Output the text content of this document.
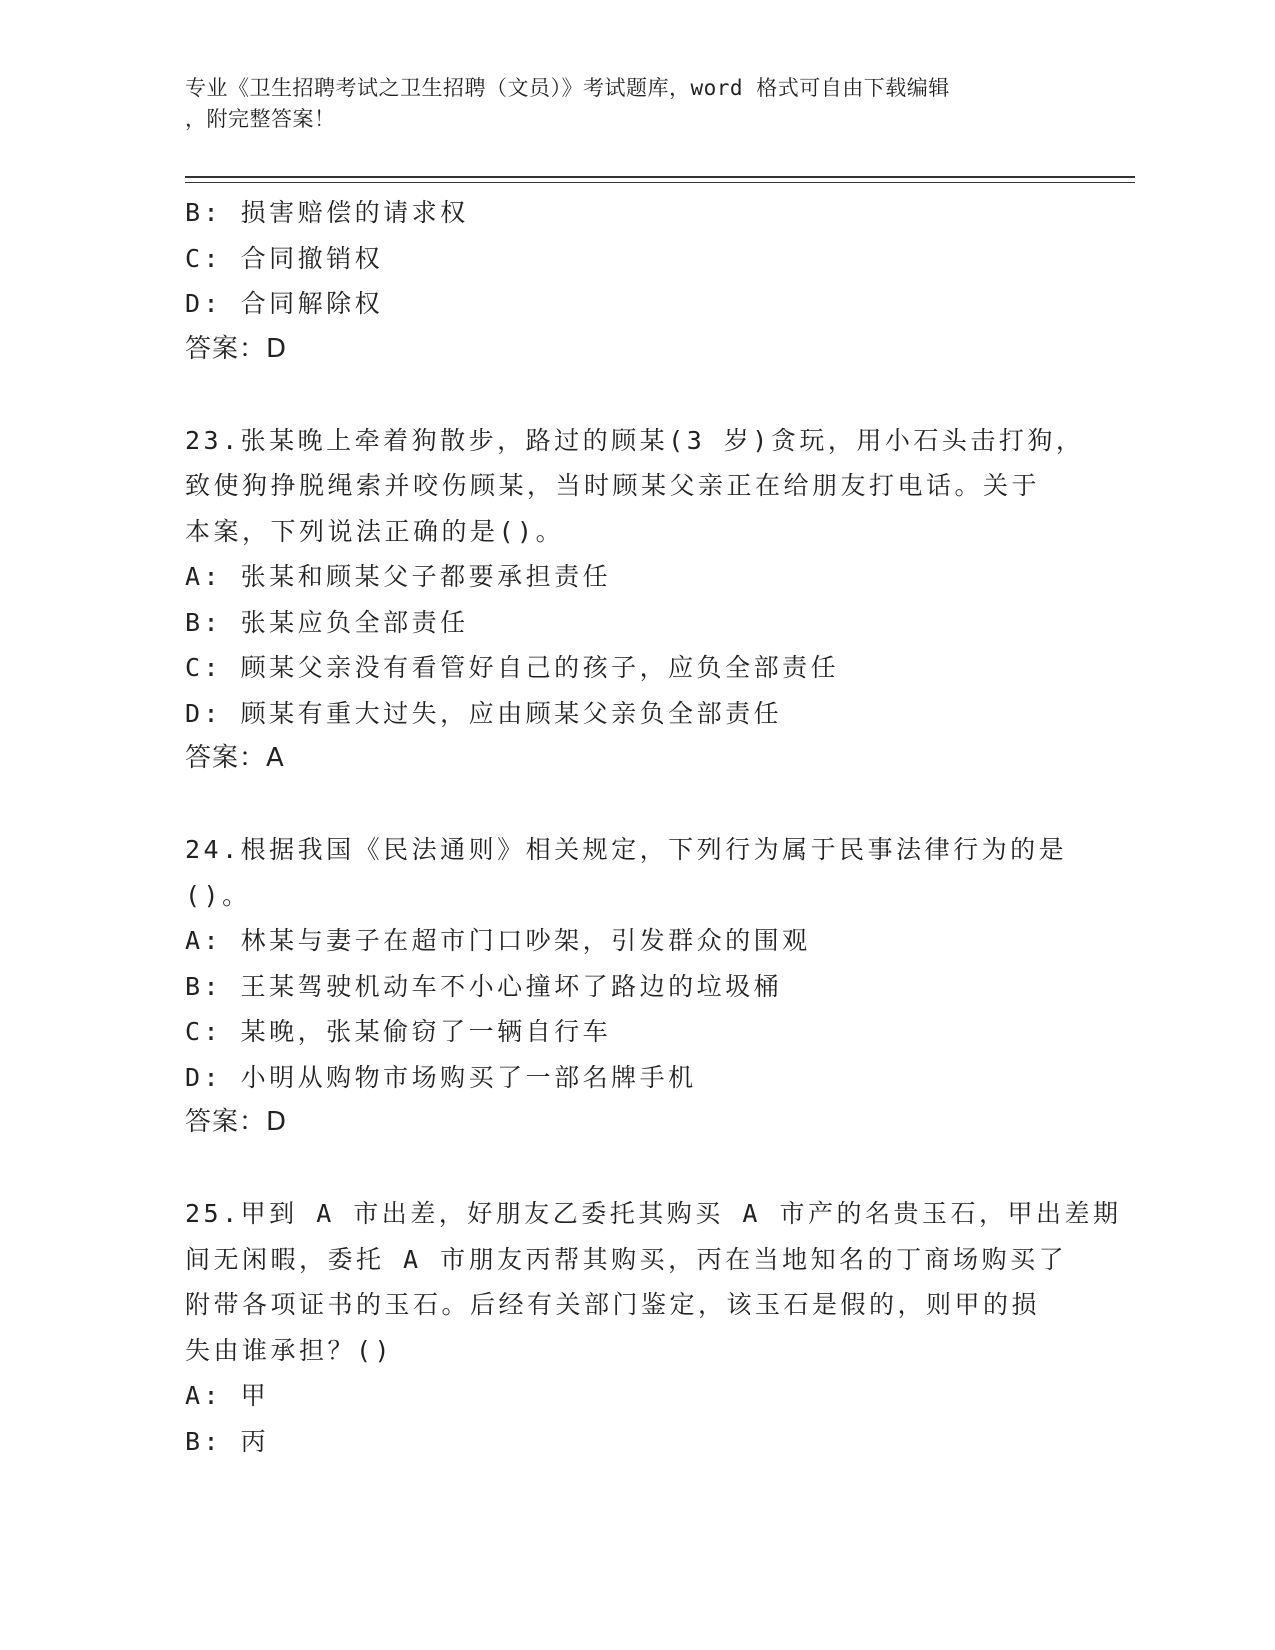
专业《卫生招聘考试之卫生招聘（文员）》考试题库，word 格式可自由下载编辑
，附完整答案！
B: 损害赔偿的请求权
C: 合同撤销权
D: 合同解除权
答案：D
23.张某晚上牵着狗散步，路过的顾某(3 岁)贪玩，用小石头击打狗，
致使狗挣脱绳索并咬伤顾某，当时顾某父亲正在给朋友打电话。关于
本案，下列说法正确的是()。
A: 张某和顾某父子都要承担责任
B: 张某应负全部责任
C: 顾某父亲没有看管好自己的孩子，应负全部责任
D: 顾某有重大过失，应由顾某父亲负全部责任
答案：A
24.根据我国《民法通则》相关规定，下列行为属于民事法律行为的是
()。
A: 林某与妻子在超市门口吵架，引发群众的围观
B: 王某驾驶机动车不小心撞坏了路边的垃圾桶
C: 某晚，张某偷窃了一辆自行车
D: 小明从购物市场购买了一部名牌手机
答案：D
25.甲到 A 市出差，好朋友乙委托其购买 A 市产的名贵玉石，甲出差期
间无闲暇，委托 A 市朋友丙帮其购买，丙在当地知名的丁商场购买了
附带各项证书的玉石。后经有关部门鉴定，该玉石是假的，则甲的损
失由谁承担？()
A: 甲
B: 丙
